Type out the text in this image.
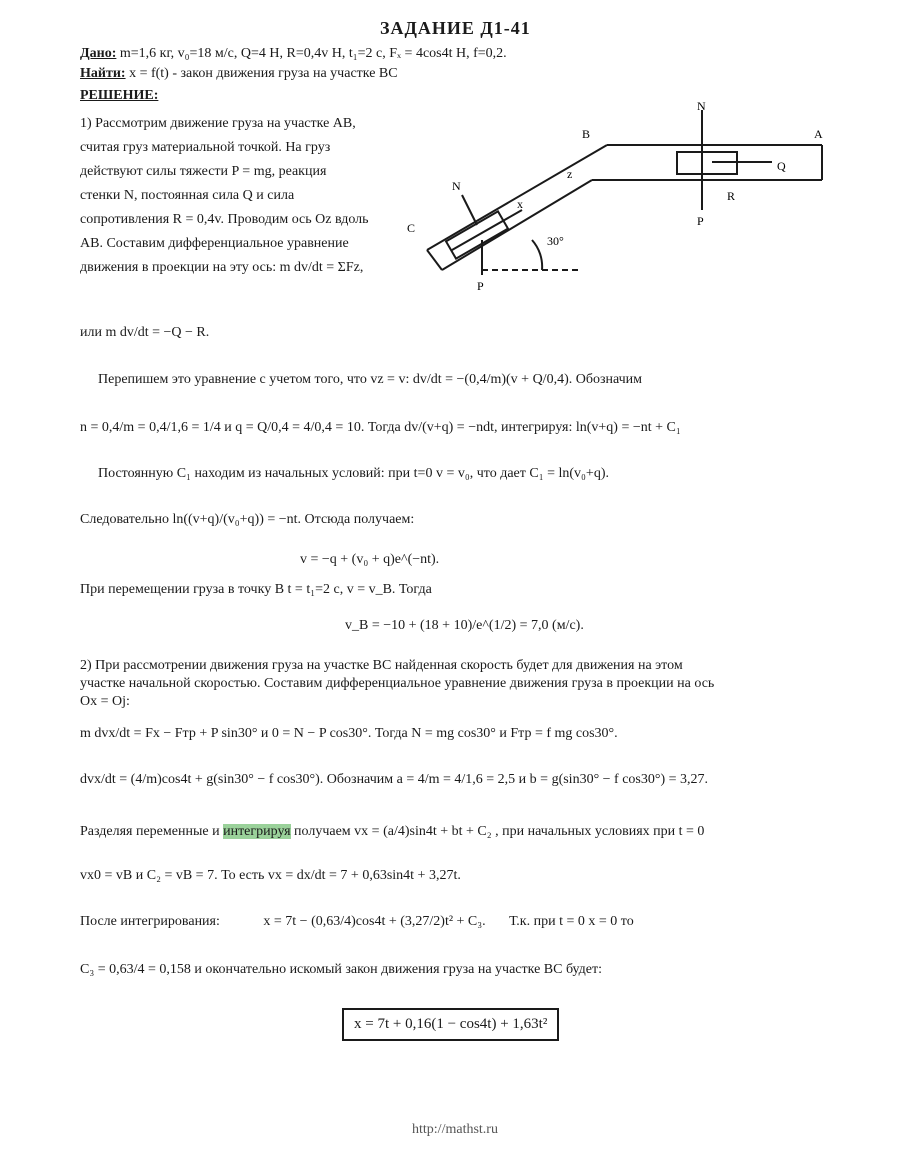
ЗАДАНИЕ Д1-41
Дано: m=1,6 кг, v₀=18 м/с, Q=4 Н, R=0,4v Н, t₁=2 с, Fₓ = 4cos4t Н, f=0,2.
Найти: x = f(t) - закон движения груза на участке BC
РЕШЕНИЕ:
1) Рассмотрим движение груза на участке AB, считая груз материальной точкой. На груз действуют силы тяжести P = mg, реакция стенки N, постоянная сила Q и сила сопротивления R = 0,4v. Проводим ось Oz вдоль AB. Составим дифференциальное уравнение движения в проекции на эту ось: m dv/dt = ΣFz,
B	A
C
z
x
N
N
Q
R
P
P
30°
или m dv/dt = −Q − R.
Перепишем это уравнение с учетом того, что vz = v: dv/dt = −(0,4/m)(v + Q/0,4). Обозначим
n = 0,4/m = 0,4/1,6 = 1/4 и q = Q/0,4 = 4/0,4 = 10. Тогда dv/(v+q) = −ndt, интегрируя: ln(v+q) = −nt + C₁
Постоянную C₁ находим из начальных условий: при t=0 v = v₀, что дает C₁ = ln(v₀+q).
Следовательно ln((v+q)/(v₀+q)) = −nt. Отсюда получаем:
v = −q + (v₀ + q)e^(−nt).
При перемещении груза в точку B t = t₁=2 с, v = v_B. Тогда
v_B = −10 + (18 + 10)/e^(1/2) = 7,0 (м/с).
2) При рассмотрении движения груза на участке BC найденная скорость будет для движения на этом
участке начальной скоростью. Составим дифференциальное уравнение движения груза в проекции на ось
Ox = Oj:
m dvx/dt = Fx − Fтр + P sin30° и 0 = N − P cos30°. Тогда N = mg cos30° и Fтр = f mg cos30°.
dvx/dt = (4/m)cos4t + g(sin30° − f cos30°). Обозначим a = 4/m = 4/1,6 = 2,5 и b = g(sin30° − f cos30°) = 3,27.
Разделяя переменные и интегрируя получаем vx = (a/4)sin4t + bt + C₂ , при начальных условиях при t = 0
vx0 = vB и C₂ = vB = 7. То есть vx = dx/dt = 7 + 0,63sin4t + 3,27t.
После интегрирования:	x = 7t − (0,63/4)cos4t + (3,27/2)t² + C₃. Т.к. при t = 0 x = 0 то
C₃ = 0,63/4 = 0,158 и окончательно искомый закон движения груза на участке BC будет:
x = 7t + 0,16(1 − cos4t) + 1,63t²
http://mathst.ru
